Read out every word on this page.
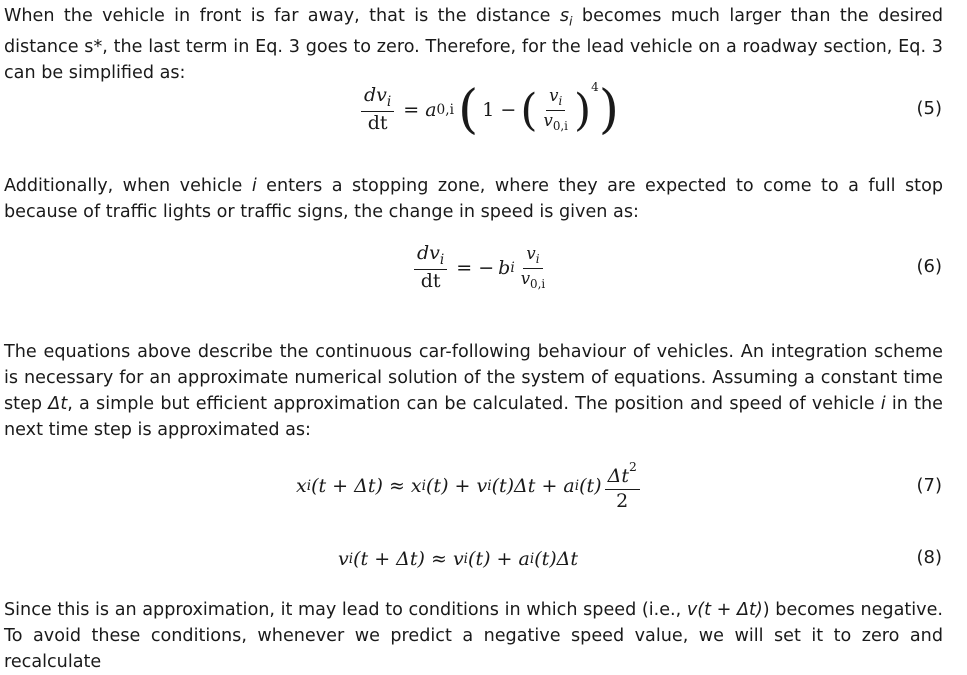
When the vehicle in front is far away, that is the distance $s_i$ becomes much larger than the desired distance s*, the last term in Eq. 3 goes to zero. Therefore, for the lead vehicle on a roadway section, Eq. 3 can be simplified as:

$\frac{dv_i}{dt} = a$ 0,i ( 1 − ( $\frac{v_i}{v_{0,i}}$ ) 4 )	(5)

Additionally, when vehicle i enters a stopping zone, where they are expected to come to a full stop because of traffic lights or traffic signs, the change in speed is given as:

$\frac{dv_i}{dt}$ = − b i $\frac{v_i}{v_{0,i}}$	(6)

The equations above describe the continuous car-following behaviour of vehicles. An integration scheme is necessary for an approximate numerical solution of the system of equations. Assuming a constant time step Δt, a simple but efficient approximation can be calculated. The position and speed of vehicle i in the next time step is approximated as:

x i (t + Δt) ≈
x i (t) +
v i (t)Δt +
a i $(t) \frac{\Delta t^2}{2}$	(7)
v i (t + Δt) ≈
v i (t) +
a i (t)Δt	(8)

Since this is an approximation, it may lead to conditions in which speed (i.e., v(t + Δt)) becomes negative. To avoid these conditions, whenever we predict a negative speed value, we will set it to zero and recalculate
